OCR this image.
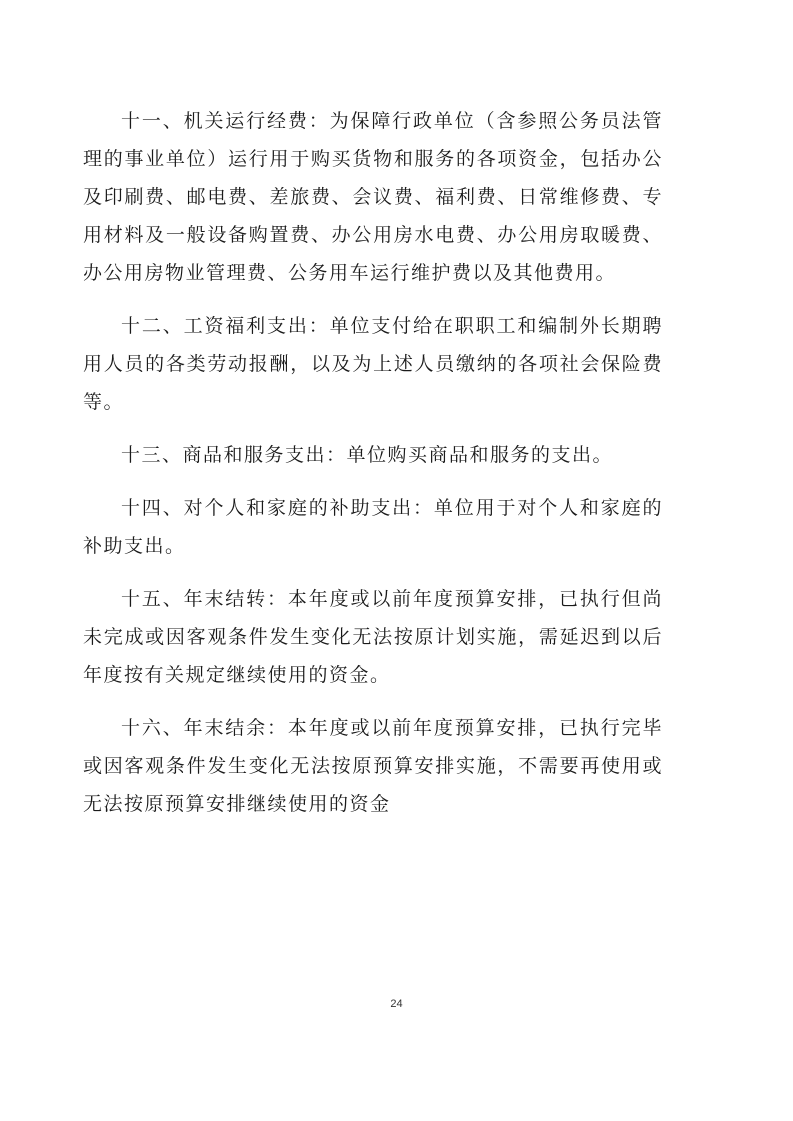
十一、机关运行经费：为保障行政单位（含参照公务员法管理的事业单位）运行用于购买货物和服务的各项资金，包括办公及印刷费、邮电费、差旅费、会议费、福利费、日常维修费、专用材料及一般设备购置费、办公用房水电费、办公用房取暖费、办公用房物业管理费、公务用车运行维护费以及其他费用。

十二、工资福利支出：单位支付给在职职工和编制外长期聘用人员的各类劳动报酬，以及为上述人员缴纳的各项社会保险费等。

十三、商品和服务支出：单位购买商品和服务的支出。

十四、对个人和家庭的补助支出：单位用于对个人和家庭的补助支出。

十五、年末结转：本年度或以前年度预算安排，已执行但尚未完成或因客观条件发生变化无法按原计划实施，需延迟到以后年度按有关规定继续使用的资金。

十六、年末结余：本年度或以前年度预算安排，已执行完毕或因客观条件发生变化无法按原预算安排实施，不需要再使用或无法按原预算安排继续使用的资金

24
